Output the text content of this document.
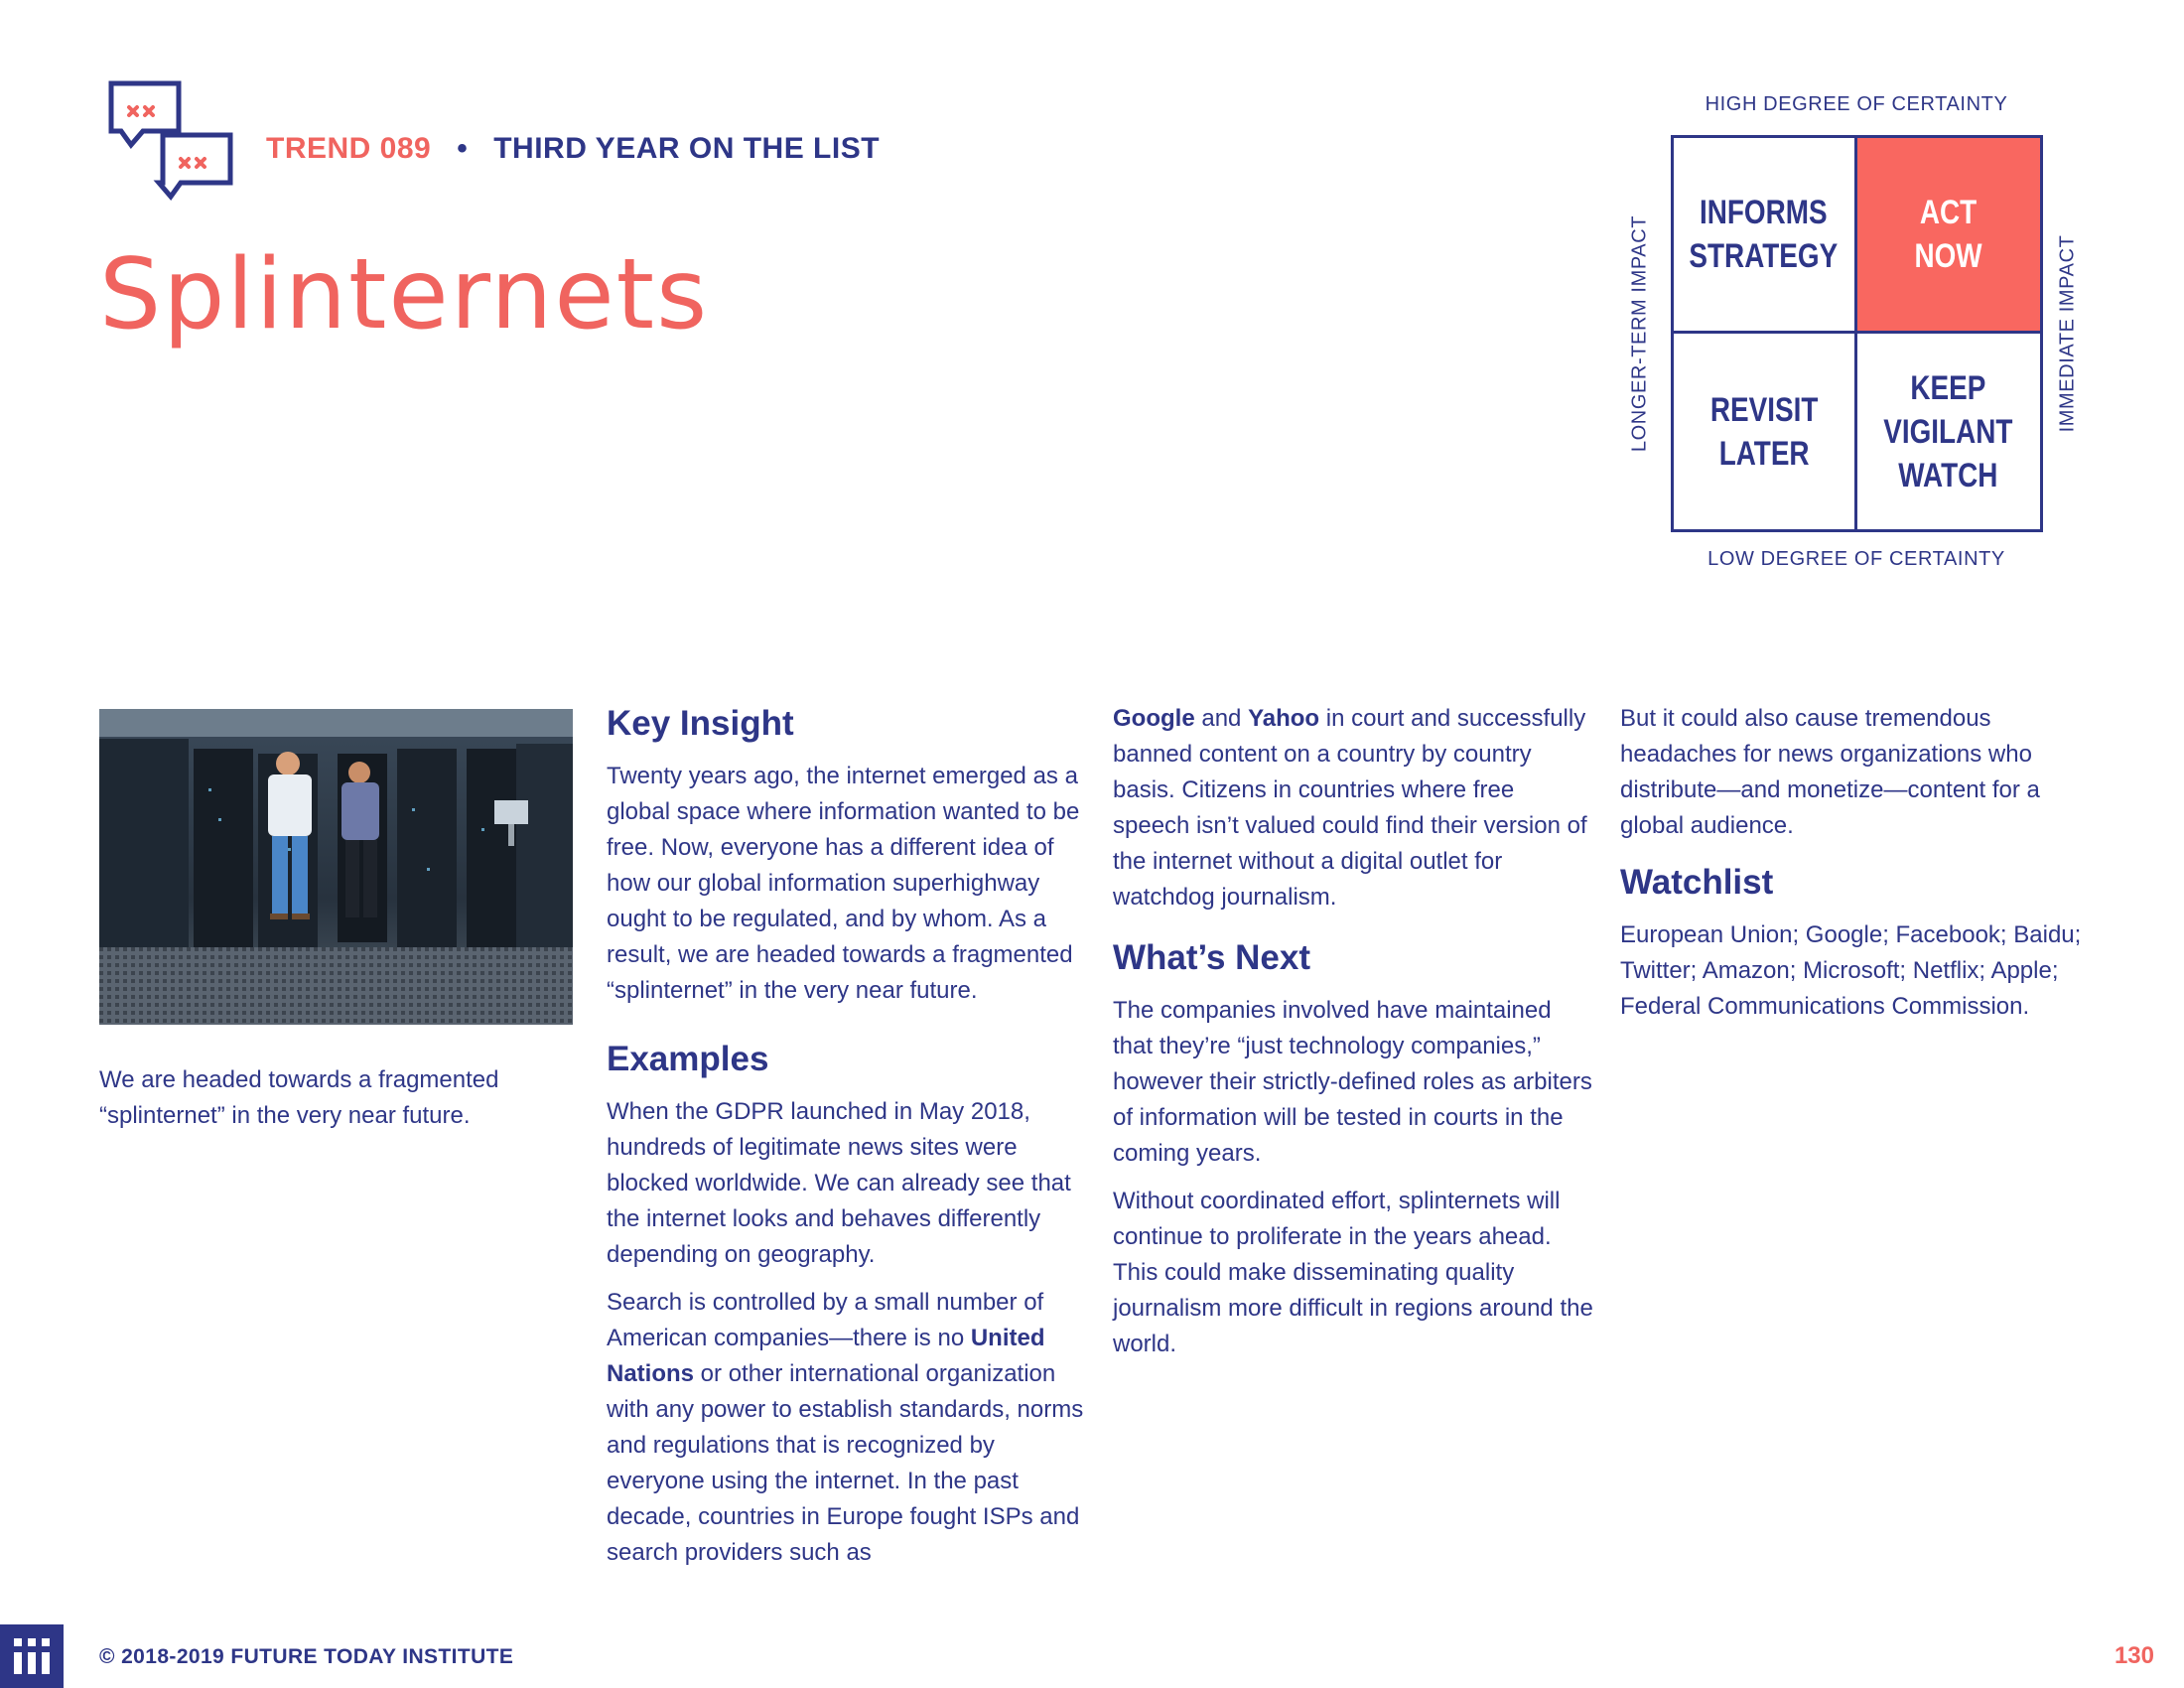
TREND 089 • THIRD YEAR ON THE LIST
Splinternets
HIGH DEGREE OF CERTAINTY
LONGER-TERM IMPACT	IMMEDIATE IMPACT
INFORMS
STRATEGY
ACT
NOW
REVISIT
LATER
KEEP
VIGILANT
WATCH
LOW DEGREE OF CERTAINTY
We are headed towards a fragmented “splinternet” in the very near future.
Key Insight

Twenty years ago, the internet emerged as a global space where information wanted to be free. Now, everyone has a different idea of how our global information superhighway ought to be regulated, and by whom. As a result, we are headed towards a fragmented “splinternet” in the very near future.

Examples

When the GDPR launched in May 2018, hundreds of legitimate news sites were blocked worldwide. We can already see that the internet looks and behaves differently depending on geography.

Search is controlled by a small number of American companies—there is no United Nations or other international organization with any power to establish standards, norms and regulations that is recognized by everyone using the internet. In the past decade, countries in Europe fought ISPs and search providers such as

Google and Yahoo in court and successfully banned content on a country by country basis. Citizens in countries where free speech isn’t valued could find their version of the internet without a digital outlet for watchdog journalism.

What’s Next

The companies involved have maintained that they’re “just technology companies,” however their strictly-defined roles as arbiters of information will be tested in courts in the coming years.

Without coordinated effort, splinternets will continue to proliferate in the years ahead. This could make disseminating quality journalism more difficult in regions around the world.

But it could also cause tremendous headaches for news organizations who distribute—and monetize—content for a global audience.

Watchlist

European Union; Google; Facebook; Baidu; Twitter; Amazon; Microsoft; Netflix; Apple; Federal Communications Commission.

© 2018-2019 FUTURE TODAY INSTITUTE	130
